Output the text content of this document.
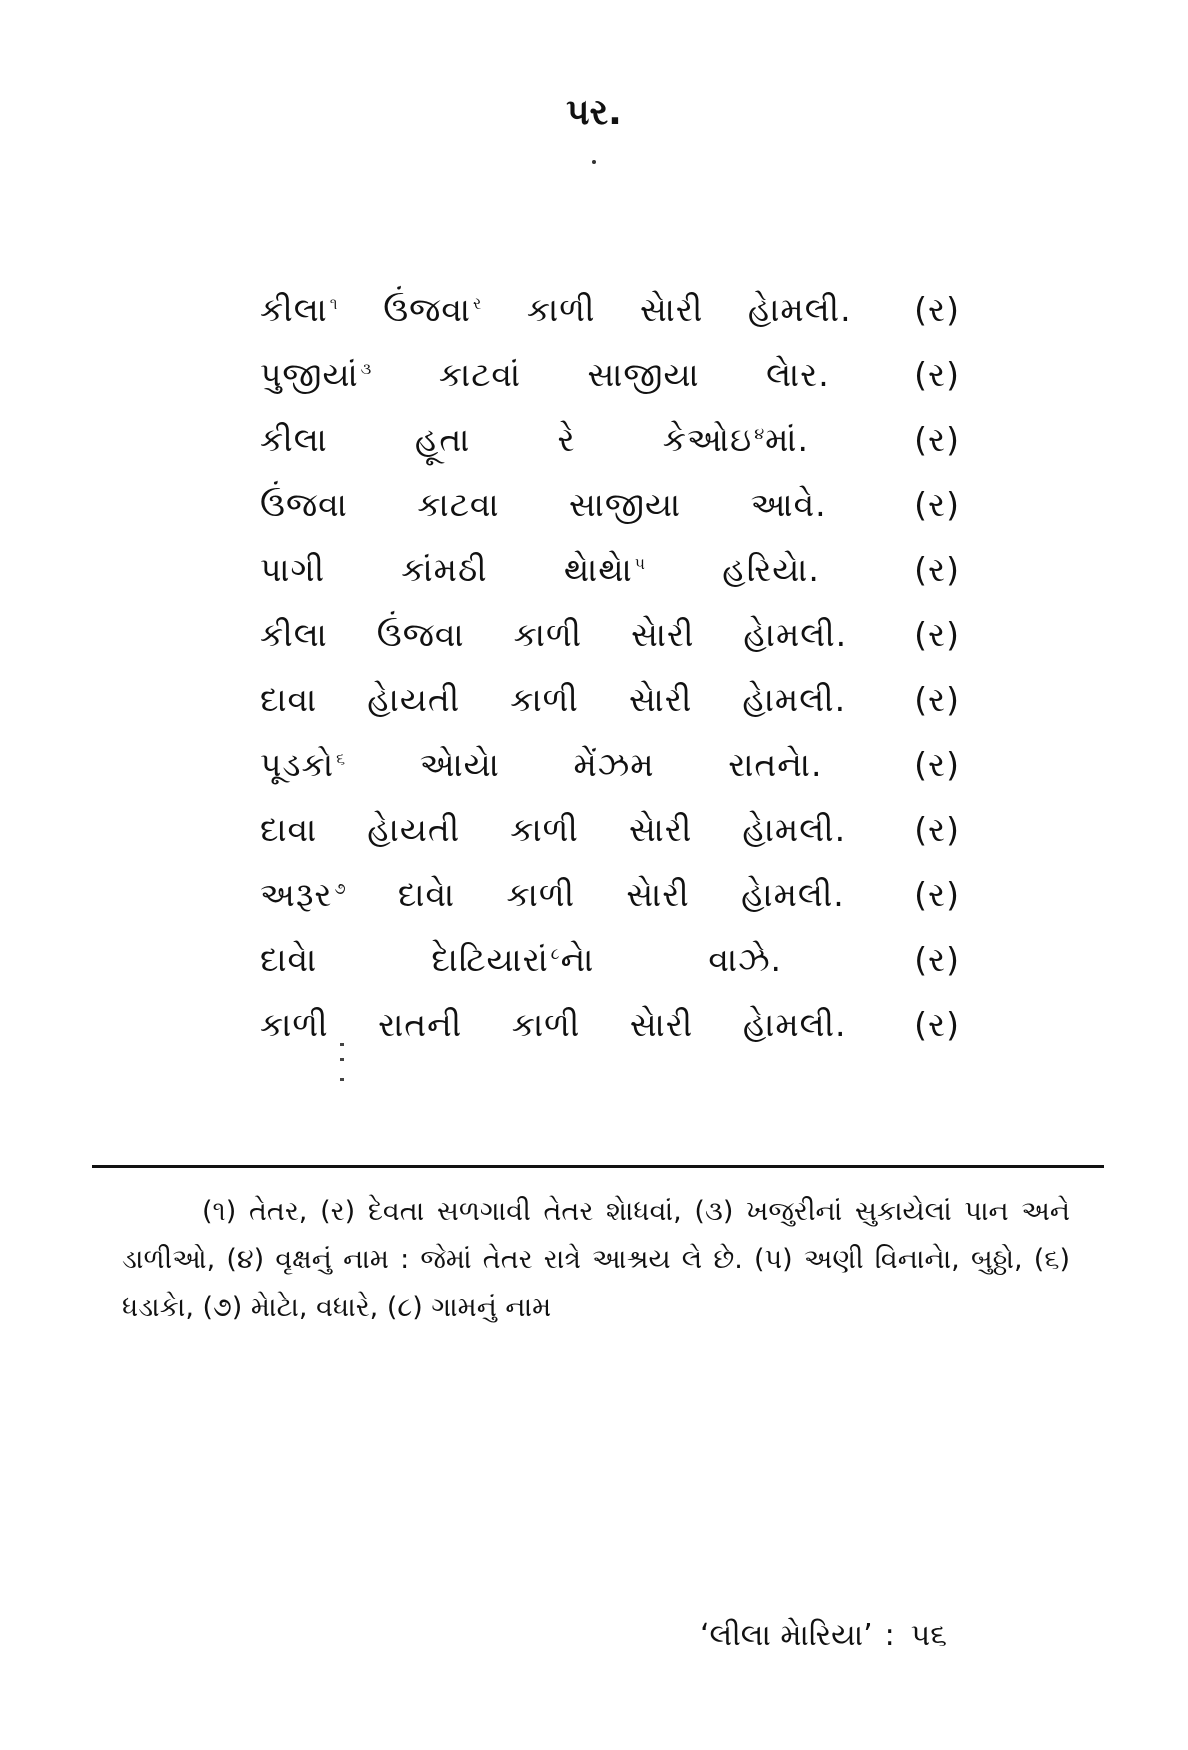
પર.
કીલા $^૧$ ઉંજવા $^ર$ કાળી સેારી હેામલી. (ર)
પુજીયાં $^૩$ કાટવાં સાજીયા લેાર.	(ર)
કીલા	હૂતા	રે	કેઓઇ $^૪$માં.	(ર)
ઉંજવા કાટવા સાજીયા આવે.	(ર)
પાગી કાંમઠી થેાથેા $^પ$ હરિયેા.	(ર)
કીલા ઉંજવા કાળી સેારી હેામલી. (ર)
દાવા હેાયતી કાળી સેારી હેામલી. (ર)
પૂડકો $^૬$ એાયેા મેંઝમ રાતનેા.	(ર)
દાવા હેાયતી કાળી સેારી હેામલી. (ર)
અરૂર $^૭$ દાવેા કાળી સેારી હેામલી. (ર)
દાવેા	દેાટિયારાં $^૮$નેા	વાઝે.	(ર)
કાળી રાતની કાળી સેારી હેામલી. (ર)
(૧) તેતર, (ર) દેવતા સળગાવી તેતર શેાધવાં, (૩) ખજુરીનાં સુકાયેલાં પાન અને ડાળીઓ, (૪) વૃક્ષનું નામ : જેમાં તેતર રાત્રે આશ્રય લે છે. (પ) અણી વિનાનેા, બુઠ્ઠો, (૬) ધડાકેા, (૭) મેાટેા, વધારે, (૮) ગામનું નામ
‘લીલા મેારિયા’ : પ૬
